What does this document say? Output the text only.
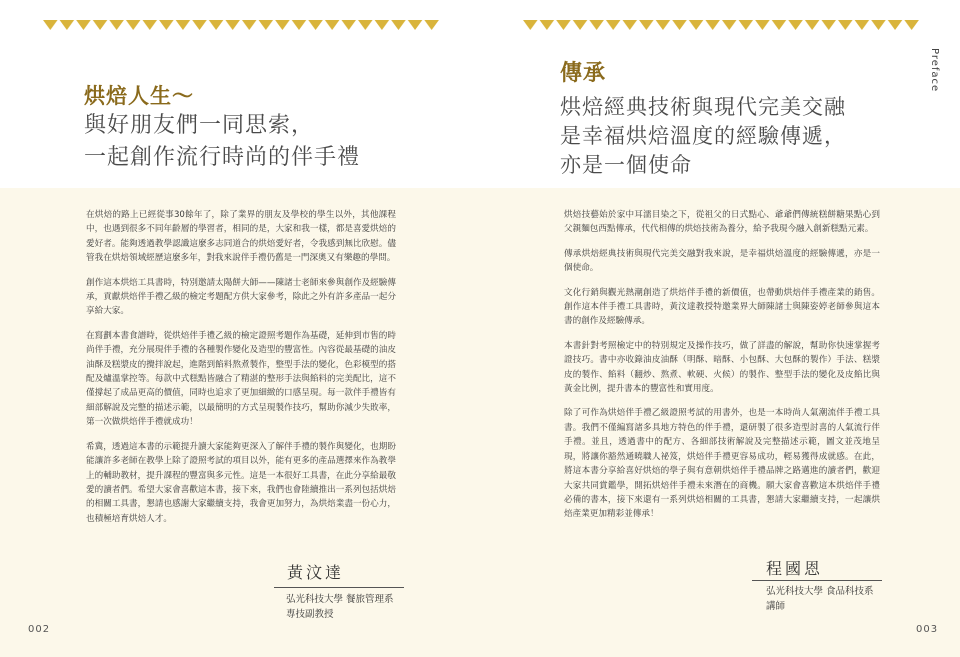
烘焙人生～
與好朋友們一同思索，
一起創作流行時尚的伴手禮

在烘焙的路上已經從事30餘年了，除了業界的朋友及學校的學生以外，其他課程中，也遇到很多不同年齡層的學習者，相同的是，大家和我一樣，都是喜愛烘焙的愛好者。能夠透過教學認識這麼多志同道合的烘焙愛好者，令我感到無比欣慰。儘管我在烘焙領域經歷這麼多年，對我來說伴手禮仍舊是一門深奧又有樂趣的學問。

創作這本烘焙工具書時，特別邀請太陽餅大師——陳諸士老師來參與創作及經驗傳承，貢獻烘焙伴手禮乙級的檢定考題配方供大家參考，除此之外有許多產品一起分享給大家。

在寫劃本書食譜時，從烘焙伴手禮乙級的檢定證照考題作為基礎，延伸到市售的時尚伴手禮，充分展現伴手禮的各種製作變化及造型的豐富性。內容從最基礎的油皮油酥及糕漿皮的攪拌說起，進階到餡料熬煮製作，整型手法的變化，色彩模型的搭配及爐溫掌控等。每款中式糕點皆融合了精湛的整形手法與餡料的完美配比，這不僅撐起了成品更高的價值，同時也追求了更加細緻的口感呈現。每一款伴手禮皆有細部解說及完整的描述示範，以最簡明的方式呈現製作技巧，幫助你減少失敗率，第一次做烘焙伴手禮就成功！

希冀，透過這本書的示範提升讀大家能夠更深入了解伴手禮的製作與變化，也期盼能讓許多老師在教學上除了證照考試的項目以外，能有更多的產品選擇來作為教學上的輔助教材，提升課程的豐富與多元性。這是一本很好工具書，在此分享給最敬愛的讀者們。希望大家會喜歡這本書，接下來，我們也會陸續推出一系列包括烘焙的相關工具書，懇請也感謝大家繼續支持，我會更加努力，為烘焙業盡一份心力，也積極培育烘焙人才。

黃汶達
弘光科技大學 餐旅管理系
專技副教授
002
Preface
傳承
烘焙經典技術與現代完美交融
是幸福烘焙溫度的經驗傳遞，
亦是一個使命

烘焙技藝始於家中耳濡目染之下，從祖父的日式點心、爺爺們傳統糕餅糖果點心到父親麵包西點傳承，代代相傳的烘焙技術為養分，給予我現今融入創新糕點元素。

傳承烘焙經典技術與現代完美交融對我來說，是幸福烘焙溫度的經驗傳遞，亦是一個使命。

文化行銷與觀光熱潮創造了烘焙伴手禮的新價值，也帶動烘焙伴手禮產業的銷售。創作這本伴手禮工具書時，黃汶達教授特邀業界大師陳諸士與陳姿婷老師參與這本書的創作及經驗傳承。

本書針對考照檢定中的特別規定及操作技巧，做了詳盡的解說，幫助你快速掌握考證技巧。書中亦收錄油皮油酥（明酥、暗酥、小包酥、大包酥的製作）手法、糕漿皮的製作、餡料（翻炒、熬煮、軟硬、火候）的製作、整型手法的變化及皮餡比與黃金比例，提升書本的豐富性和實用度。

除了可作為烘焙伴手禮乙級證照考試的用書外，也是一本時尚人氣潮流伴手禮工具書。我們不僅編寫諸多具地方特色的伴手禮，還研製了很多造型討喜的人氣流行伴手禮。並且，透過書中的配方、各細部技術解說及完整描述示範，圖文並茂地呈現，將讓你豁然通曉職人祕笈，烘焙伴手禮更容易成功，輕易獲得成就感。在此，將這本書分享給喜好烘焙的學子與有意朝烘焙伴手禮品牌之路邁進的讀者們，歡迎大家共同賞鑑學，開拓烘焙伴手禮未來潛在的商機。願大家會喜歡這本烘焙伴手禮必備的書本，接下來還有一系列烘焙相關的工具書，懇請大家繼續支持，一起讓烘焙產業更加精彩並傳承！

程國恩
弘光科技大學 食品科技系
講師
003
